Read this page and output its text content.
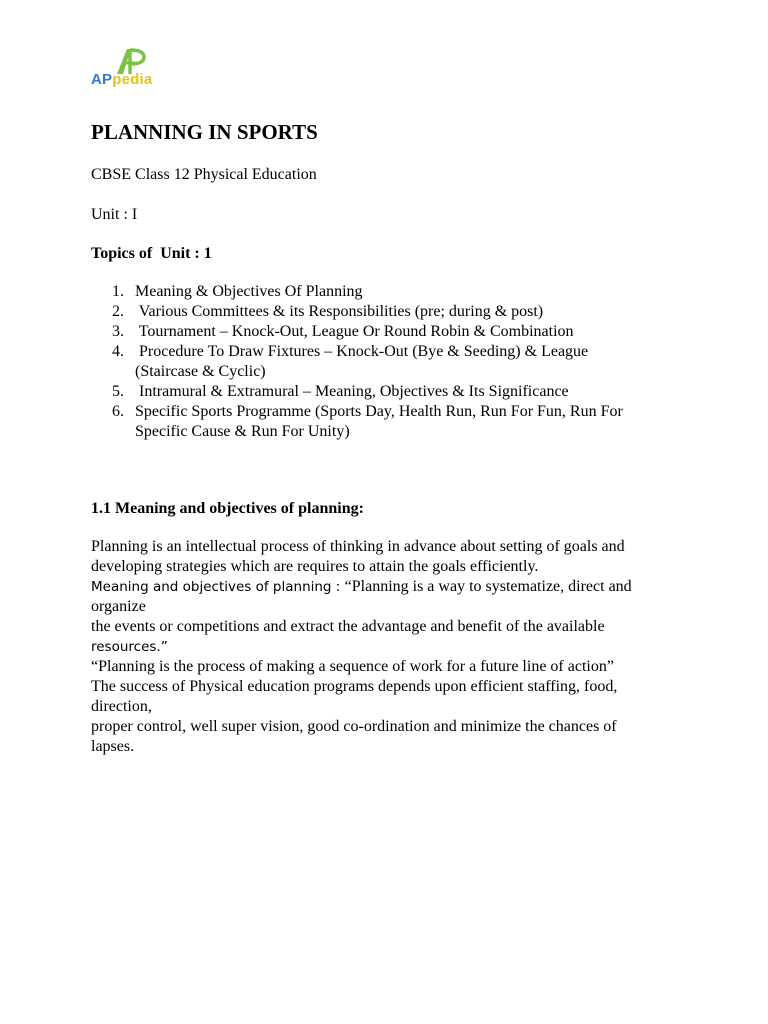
APpedia
PLANNING IN SPORTS

CBSE Class 12 Physical Education

Unit : I

Topics of  Unit : 1

1. Meaning & Objectives Of Planning
2. Various Committees & its Responsibilities (pre; during & post)
3. Tournament – Knock-Out, League Or Round Robin & Combination
4. Procedure To Draw Fixtures – Knock-Out (Bye & Seeding) & League
(Staircase & Cyclic)
5. Intramural & Extramural – Meaning, Objectives & Its Significance
6. Specific Sports Programme (Sports Day, Health Run, Run For Fun, Run For
Specific Cause & Run For Unity)

1.1 Meaning and objectives of planning:

Planning is an intellectual process of thinking in advance about setting of goals and
developing strategies which are requires to attain the goals efficiently.
Meaning and objectives of planning : “Planning is a way to systematize, direct and
organize
the events or competitions and extract the advantage and benefit of the available
resources.”
“Planning is the process of making a sequence of work for a future line of action”
The success of Physical education programs depends upon efficient staffing, food,
direction,
proper control, well super vision, good co-ordination and minimize the chances of
lapses.
